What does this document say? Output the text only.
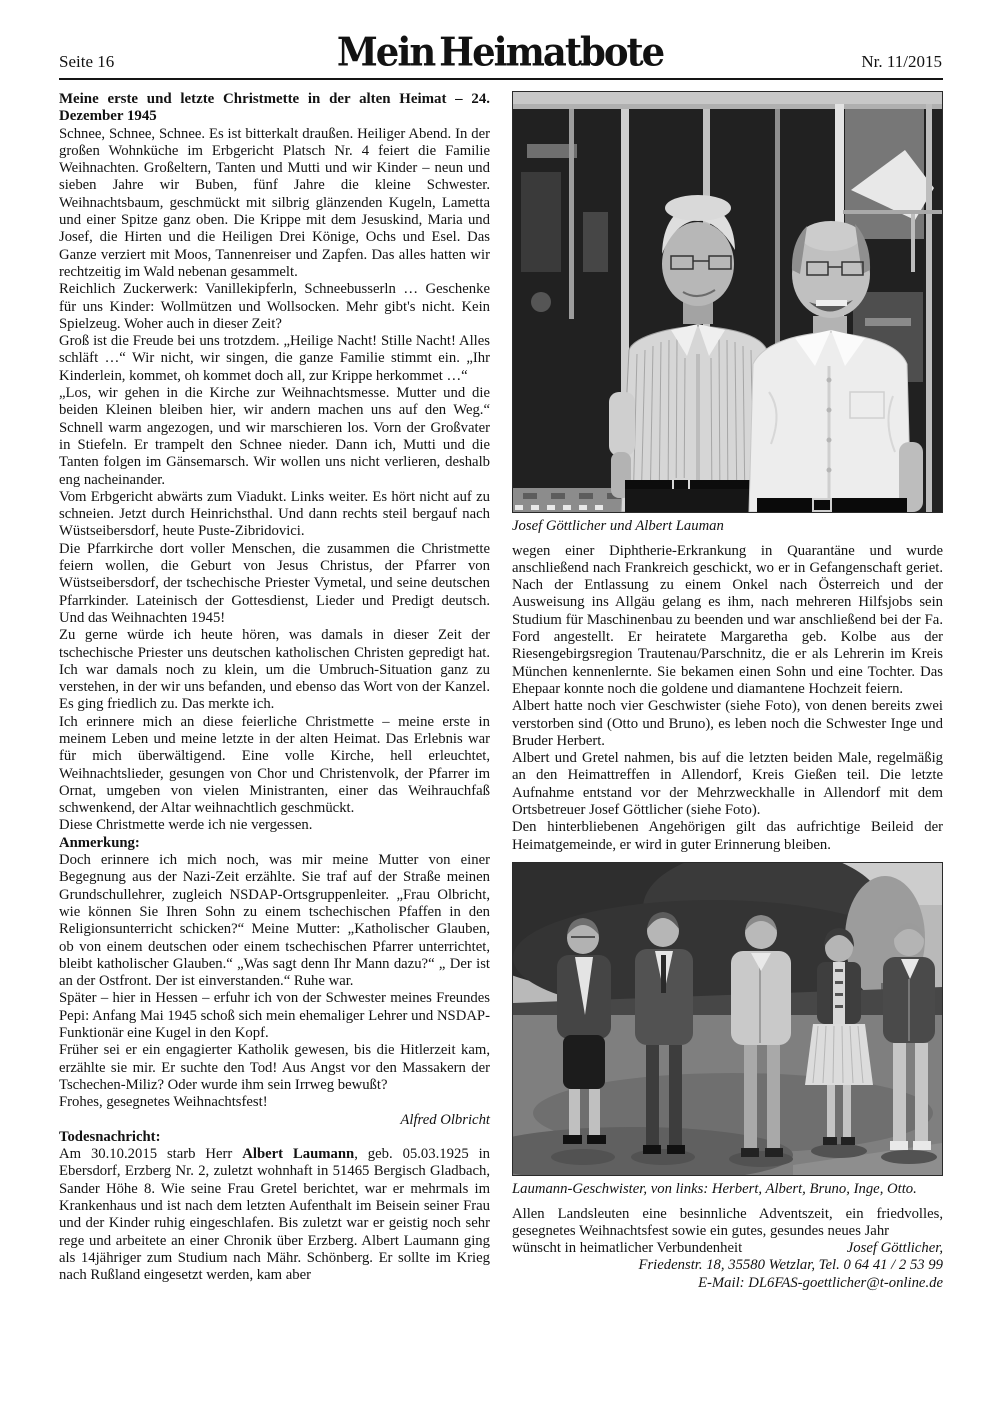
Seite 16	Mein Heimatbote	Nr. 11/2015

Meine erste und letzte Christmette in der alten Heimat – 24. Dezember 1945

Schnee, Schnee, Schnee. Es ist bitterkalt draußen. Heiliger Abend. In der großen Wohnküche im Erbgericht Platsch Nr. 4 feiert die Familie Weihnachten. Großeltern, Tanten und Mutti und wir Kinder – neun und sieben Jahre wir Buben, fünf Jahre die kleine Schwester. Weihnachtsbaum, geschmückt mit silbrig glänzenden Kugeln, Lametta und einer Spitze ganz oben. Die Krippe mit dem Jesuskind, Maria und Josef, die Hirten und die Heiligen Drei Könige, Ochs und Esel. Das Ganze verziert mit Moos, Tannenreiser und Zapfen. Das alles hatten wir rechtzeitig im Wald nebenan gesammelt.

Reichlich Zuckerwerk: Vanillekipferln, Schneebusserln … Geschenke für uns Kinder: Wollmützen und Wollsocken. Mehr gibt's nicht. Kein Spielzeug. Woher auch in dieser Zeit?

Groß ist die Freude bei uns trotzdem. „Heilige Nacht! Stille Nacht! Alles schläft …“ Wir nicht, wir singen, die ganze Familie stimmt ein. „Ihr Kinderlein, kommet, oh kommet doch all, zur Krippe herkommet …“

„Los, wir gehen in die Kirche zur Weihnachtsmesse. Mutter und die beiden Kleinen bleiben hier, wir andern machen uns auf den Weg.“ Schnell warm angezogen, und wir marschieren los. Vorn der Großvater in Stiefeln. Er trampelt den Schnee nieder. Dann ich, Mutti und die Tanten folgen im Gänsemarsch. Wir wollen uns nicht verlieren, deshalb eng nacheinander.

Vom Erbgericht abwärts zum Viadukt. Links weiter. Es hört nicht auf zu schneien. Jetzt durch Heinrichsthal. Und dann rechts steil bergauf nach Wüstseibersdorf, heute Puste-Zibridovici.

Die Pfarrkirche dort voller Menschen, die zusammen die Christmette feiern wollen, die Geburt von Jesus Christus, der Pfarrer von Wüstseibersdorf, der tschechische Priester Vymetal, und seine deutschen Pfarrkinder. Lateinisch der Gottesdienst, Lieder und Predigt deutsch. Und das Weihnachten 1945!

Zu gerne würde ich heute hören, was damals in dieser Zeit der tschechische Priester uns deutschen katholischen Christen gepredigt hat. Ich war damals noch zu klein, um die Umbruch-Situation ganz zu verstehen, in der wir uns befanden, und ebenso das Wort von der Kanzel. Es ging friedlich zu. Das merkte ich.

Ich erinnere mich an diese feierliche Christmette – meine erste in meinem Leben und meine letzte in der alten Heimat. Das Erlebnis war für mich überwältigend. Eine volle Kirche, hell erleuchtet, Weihnachtslieder, gesungen von Chor und Christenvolk, der Pfarrer im Ornat, umgeben von vielen Ministranten, einer das Weihrauchfaß schwenkend, der Altar weihnachtlich geschmückt.

Diese Christmette werde ich nie vergessen.

Anmerkung:

Doch erinnere ich mich noch, was mir meine Mutter von einer Begegnung aus der Nazi-Zeit erzählte. Sie traf auf der Straße meinen Grundschullehrer, zugleich NSDAP-Ortsgruppenleiter. „Frau Olbricht, wie können Sie Ihren Sohn zu einem tschechischen Pfaffen in den Religionsunterricht schicken?“ Meine Mutter: „Katholischer Glauben, ob von einem deutschen oder einem tschechischen Pfarrer unterrichtet, bleibt katholischer Glauben.“ „Was sagt denn Ihr Mann dazu?“ „ Der ist an der Ostfront. Der ist einverstanden.“ Ruhe war.

Später – hier in Hessen – erfuhr ich von der Schwester meines Freundes Pepi: Anfang Mai 1945 schoß sich mein ehemaliger Lehrer und NSDAP-Funktionär eine Kugel in den Kopf.

Früher sei er ein engagierter Katholik gewesen, bis die Hitlerzeit kam, erzählte sie mir. Er suchte den Tod! Aus Angst vor den Massakern der Tschechen-Miliz? Oder wurde ihm sein Irrweg bewußt?

Frohes, gesegnetes Weihnachtsfest!

Alfred Olbricht

Todesnachricht:

Am 30.10.2015 starb Herr Albert Laumann, geb. 05.03.1925 in Ebersdorf, Erzberg Nr. 2, zuletzt wohnhaft in 51465 Bergisch Gladbach, Sander Höhe 8. Wie seine Frau Gretel berichtet, war er mehrmals im Krankenhaus und ist nach dem letzten Aufenthalt im Beisein seiner Frau und der Kinder ruhig eingeschlafen. Bis zuletzt war er geistig noch sehr rege und arbeitete an einer Chronik über Erzberg. Albert Laumann ging als 14jähriger zum Studium nach Mähr. Schönberg. Er sollte im Krieg nach Rußland eingesetzt werden, kam aber

Josef Göttlicher und Albert Lauman

wegen einer Diphtherie-Erkrankung in Quarantäne und wurde anschließend nach Frankreich geschickt, wo er in Gefangenschaft geriet. Nach der Entlassung zu einem Onkel nach Österreich und der Ausweisung ins Allgäu gelang es ihm, nach mehreren Hilfsjobs sein Studium für Maschinenbau zu beenden und war anschließend bei der Fa. Ford angestellt. Er heiratete Margaretha geb. Kolbe aus der Riesengebirgsregion Trautenau/Parschnitz, die er als Lehrerin im Kreis München kennenlernte. Sie bekamen einen Sohn und eine Tochter. Das Ehepaar konnte noch die goldene und diamantene Hochzeit feiern.

Albert hatte noch vier Geschwister (siehe Foto), von denen bereits zwei verstorben sind (Otto und Bruno), es leben noch die Schwester Inge und Bruder Herbert.

Albert und Gretel nahmen, bis auf die letzten beiden Male, regelmäßig an den Heimattreffen in Allendorf, Kreis Gießen teil. Die letzte Aufnahme entstand vor der Mehrzweckhalle in Allendorf mit dem Ortsbetreuer Josef Göttlicher (siehe Foto).

Den hinterbliebenen Angehörigen gilt das aufrichtige Beileid der Heimatgemeinde, er wird in guter Erinnerung bleiben.

Laumann-Geschwister, von links: Herbert, Albert, Bruno, Inge, Otto.

Allen Landsleuten eine besinnliche Adventszeit, ein friedvolles, gesegnetes Weihnachtsfest sowie ein gutes, gesundes neues Jahr

wünscht in heimatlicher Verbundenheit	Josef Göttlicher,
Friedenstr. 18, 35580 Wetzlar, Tel. 0 64 41 / 2 53 99
E-Mail: DL6FAS-goettlicher@t-online.de
